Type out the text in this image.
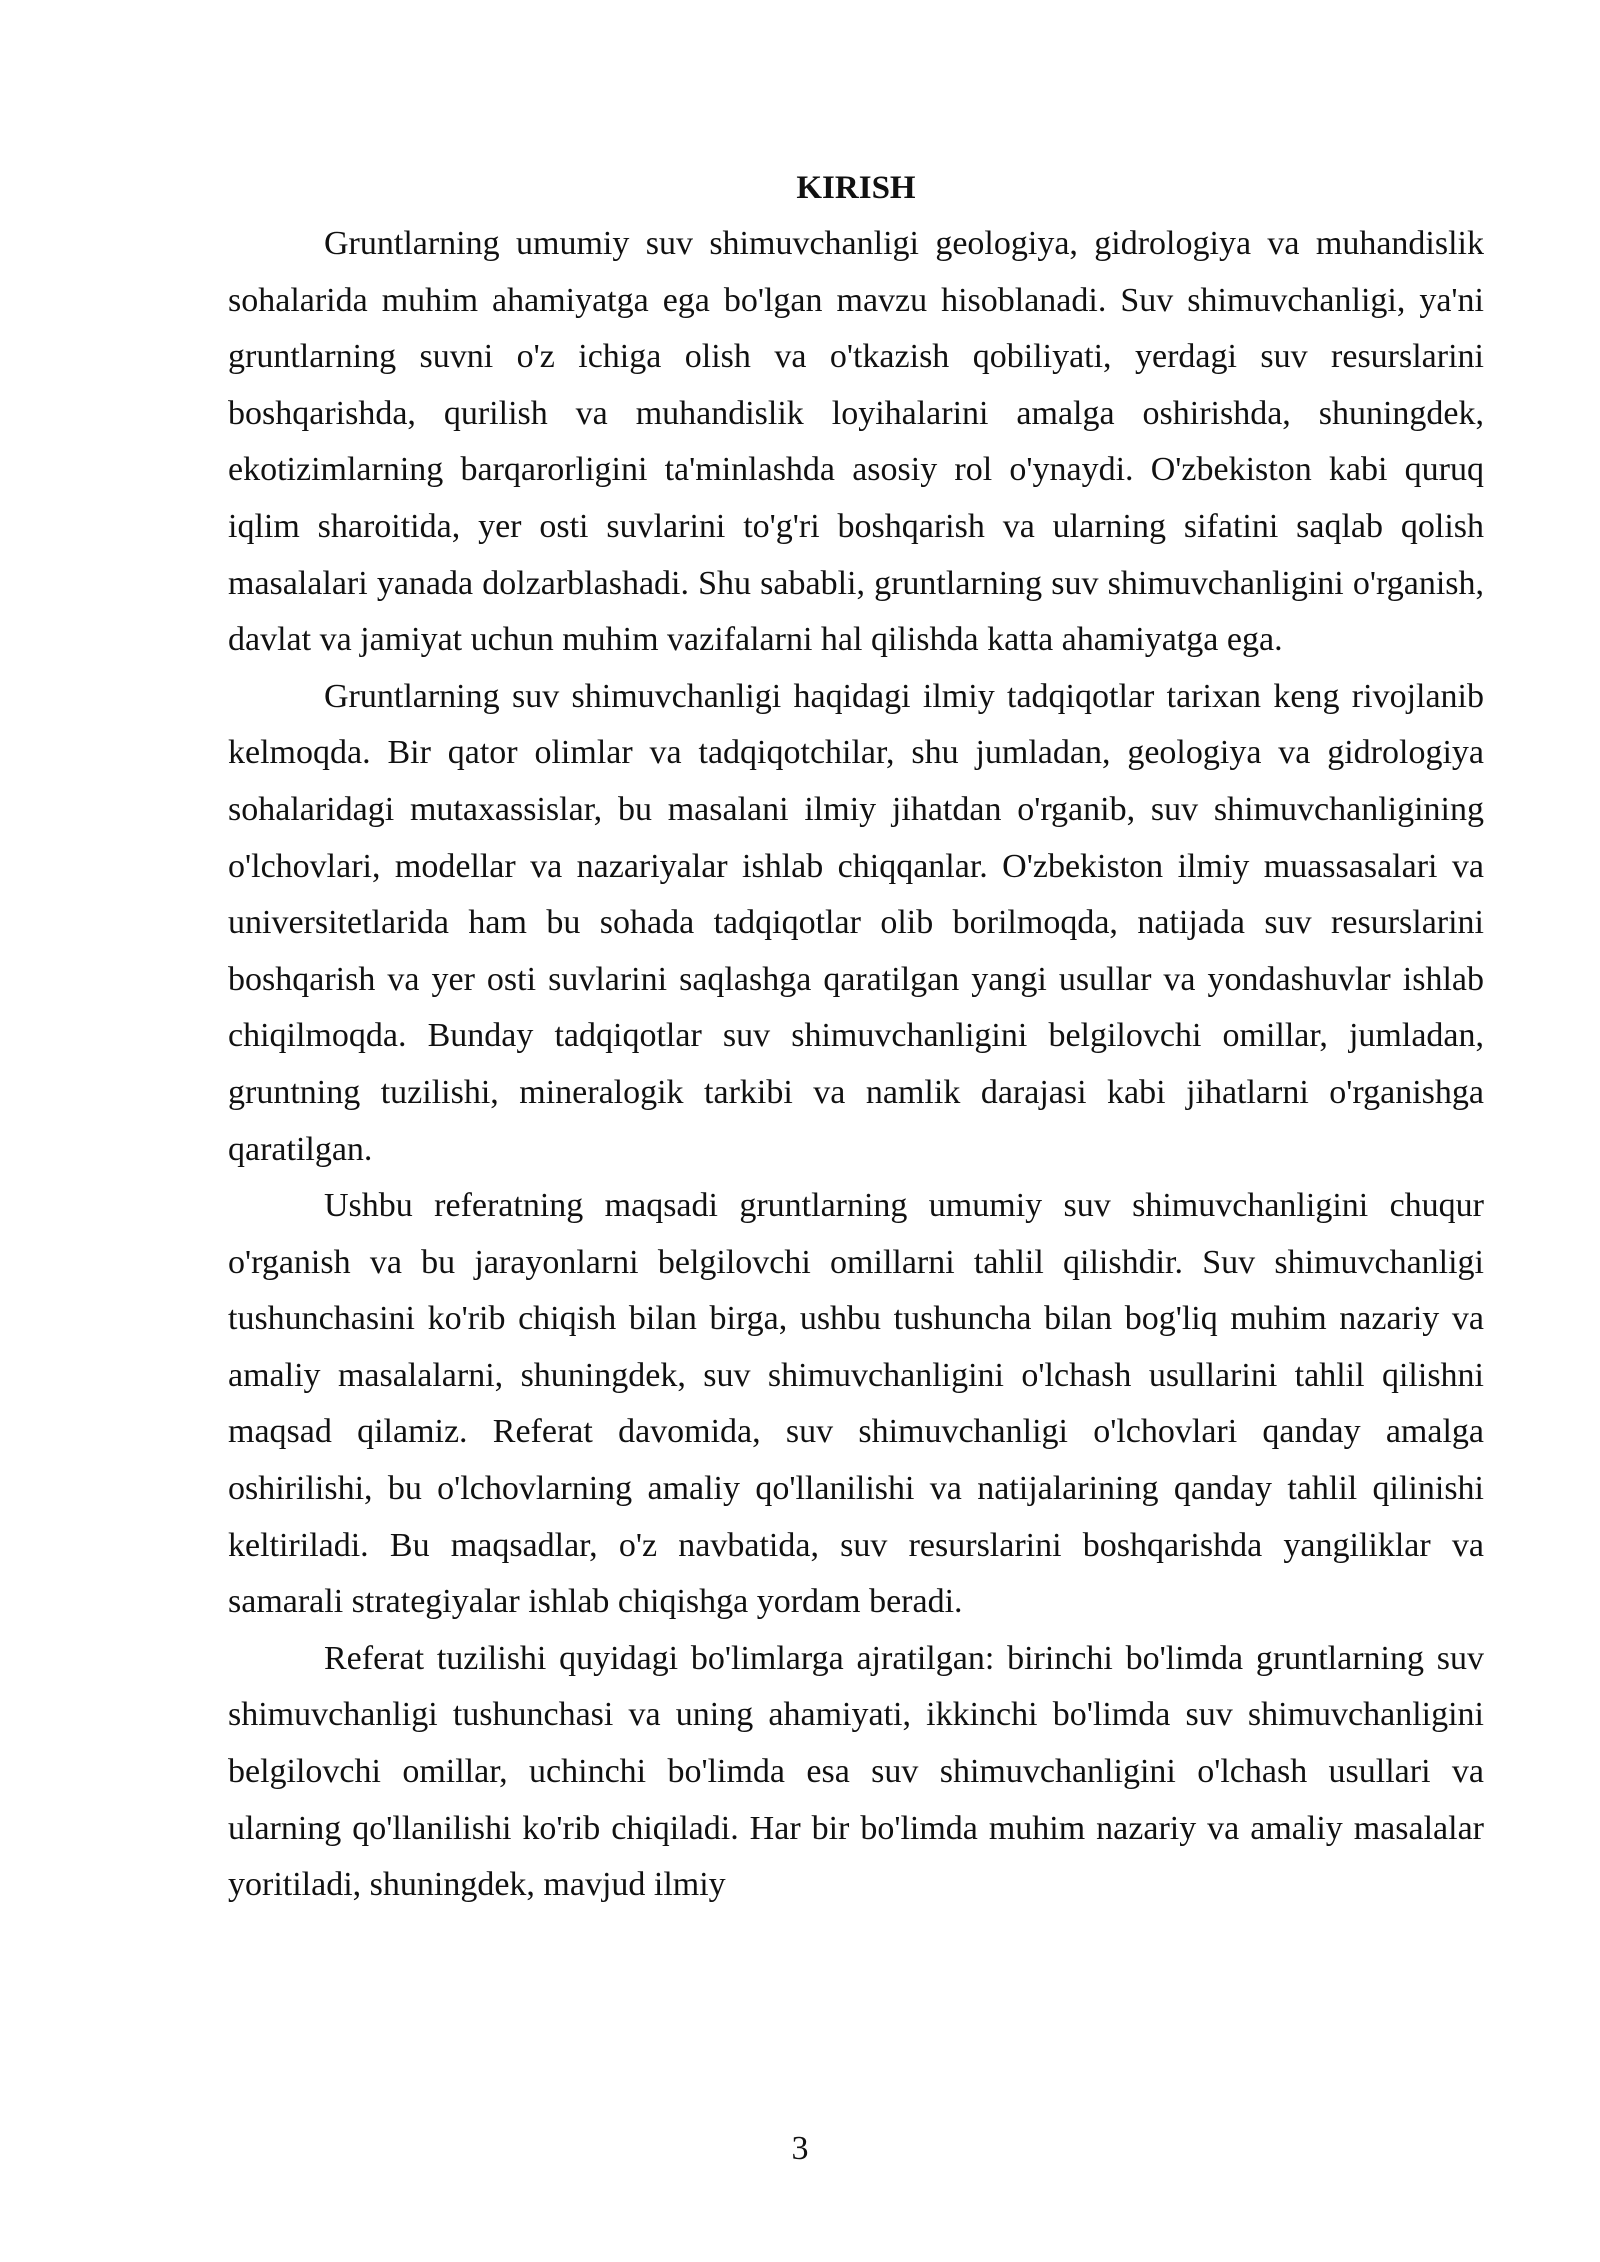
KIRISH

Gruntlarning umumiy suv shimuvchanligi geologiya, gidrologiya va muhandislik sohalarida muhim ahamiyatga ega bo'lgan mavzu hisoblanadi. Suv shimuvchanligi, ya'ni gruntlarning suvni o'z ichiga olish va o'tkazish qobiliyati, yerdagi suv resurslarini boshqarishda, qurilish va muhandislik loyihalarini amalga oshirishda, shuningdek, ekotizimlarning barqarorligini ta'minlashda asosiy rol o'ynaydi. O'zbekiston kabi quruq iqlim sharoitida, yer osti suvlarini to'g'ri boshqarish va ularning sifatini saqlab qolish masalalari yanada dolzarblashadi. Shu sababli, gruntlarning suv shimuvchanligini o'rganish, davlat va jamiyat uchun muhim vazifalarni hal qilishda katta ahamiyatga ega.

Gruntlarning suv shimuvchanligi haqidagi ilmiy tadqiqotlar tarixan keng rivojlanib kelmoqda. Bir qator olimlar va tadqiqotchilar, shu jumladan, geologiya va gidrologiya sohalaridagi mutaxassislar, bu masalani ilmiy jihatdan o'rganib, suv shimuvchanligining o'lchovlari, modellar va nazariyalar ishlab chiqqanlar. O'zbekiston ilmiy muassasalari va universitetlarida ham bu sohada tadqiqotlar olib borilmoqda, natijada suv resurslarini boshqarish va yer osti suvlarini saqlashga qaratilgan yangi usullar va yondashuvlar ishlab chiqilmoqda. Bunday tadqiqotlar suv shimuvchanligini belgilovchi omillar, jumladan, gruntning tuzilishi, mineralogik tarkibi va namlik darajasi kabi jihatlarni o'rganishga qaratilgan.

Ushbu referatning maqsadi gruntlarning umumiy suv shimuvchanligini chuqur o'rganish va bu jarayonlarni belgilovchi omillarni tahlil qilishdir. Suv shimuvchanligi tushunchasini ko'rib chiqish bilan birga, ushbu tushuncha bilan bog'liq muhim nazariy va amaliy masalalarni, shuningdek, suv shimuvchanligini o'lchash usullarini tahlil qilishni maqsad qilamiz. Referat davomida, suv shimuvchanligi o'lchovlari qanday amalga oshirilishi, bu o'lchovlarning amaliy qo'llanilishi va natijalarining qanday tahlil qilinishi keltiriladi. Bu maqsadlar, o'z navbatida, suv resurslarini boshqarishda yangiliklar va samarali strategiyalar ishlab chiqishga yordam beradi.

Referat tuzilishi quyidagi bo'limlarga ajratilgan: birinchi bo'limda gruntlarning suv shimuvchanligi tushunchasi va uning ahamiyati, ikkinchi bo'limda suv shimuvchanligini belgilovchi omillar, uchinchi bo'limda esa suv shimuvchanligini o'lchash usullari va ularning qo'llanilishi ko'rib chiqiladi. Har bir bo'limda muhim nazariy va amaliy masalalar yoritiladi, shuningdek, mavjud ilmiy

3
